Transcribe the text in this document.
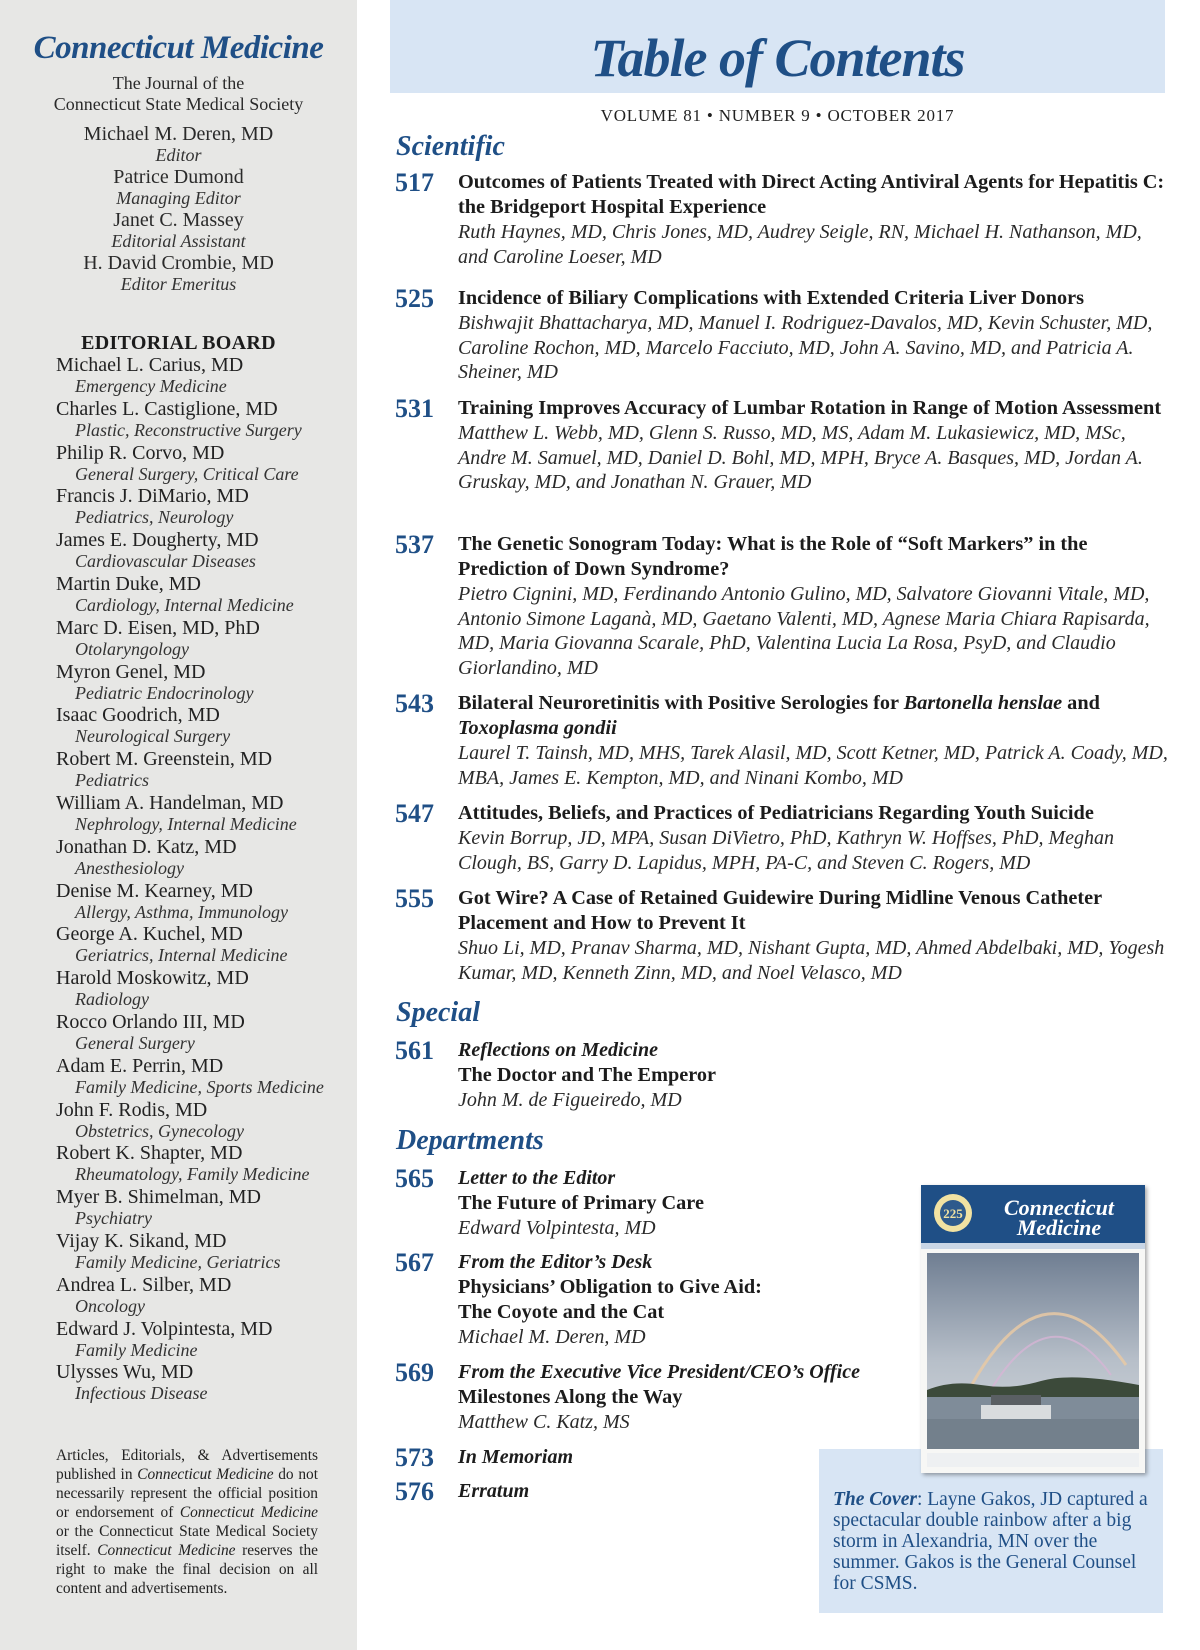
Connecticut Medicine
The Journal of the
Connecticut State Medical Society
Michael M. Deren, MD
Editor
Patrice Dumond
Managing Editor
Janet C. Massey
Editorial Assistant
H. David Crombie, MD
Editor Emeritus
EDITORIAL BOARD
Michael L. Carius, MD
Emergency Medicine
Charles L. Castiglione, MD
Plastic, Reconstructive Surgery
Philip R. Corvo, MD
General Surgery, Critical Care
Francis J. DiMario, MD
Pediatrics, Neurology
James E. Dougherty, MD
Cardiovascular Diseases
Martin Duke, MD
Cardiology, Internal Medicine
Marc D. Eisen, MD, PhD
Otolaryngology
Myron Genel, MD
Pediatric Endocrinology
Isaac Goodrich, MD
Neurological Surgery
Robert M. Greenstein, MD
Pediatrics
William A. Handelman, MD
Nephrology, Internal Medicine
Jonathan D. Katz, MD
Anesthesiology
Denise M. Kearney, MD
Allergy, Asthma, Immunology
George A. Kuchel, MD
Geriatrics, Internal Medicine
Harold Moskowitz, MD
Radiology
Rocco Orlando III, MD
General Surgery
Adam E. Perrin, MD
Family Medicine, Sports Medicine
John F. Rodis, MD
Obstetrics, Gynecology
Robert K. Shapter, MD
Rheumatology, Family Medicine
Myer B. Shimelman, MD
Psychiatry
Vijay K. Sikand, MD
Family Medicine, Geriatrics
Andrea L. Silber, MD
Oncology
Edward J. Volpintesta, MD
Family Medicine
Ulysses Wu, MD
Infectious Disease
Articles, Editorials, & Advertisements published in Connecticut Medicine do not necessarily represent the official position or endorsement of Connecticut Medicine or the Connecticut State Medical Society itself. Connecticut Medicine reserves the right to make the final decision on all content and advertisements.
Table of Contents
VOLUME 81 • NUMBER 9 • OCTOBER 2017
Scientific
517	Outcomes of Patients Treated with Direct Acting Antiviral Agents for Hepatitis C: the Bridgeport Hospital Experience
Ruth Haynes, MD, Chris Jones, MD, Audrey Seigle, RN, Michael H. Nathanson, MD, and Caroline Loeser, MD
525	Incidence of Biliary Complications with Extended Criteria Liver Donors
Bishwajit Bhattacharya, MD, Manuel I. Rodriguez-Davalos, MD, Kevin Schuster, MD, Caroline Rochon, MD, Marcelo Facciuto, MD, John A. Savino, MD, and Patricia A. Sheiner, MD
531	Training Improves Accuracy of Lumbar Rotation in Range of Motion Assessment
Matthew L. Webb, MD, Glenn S. Russo, MD, MS, Adam M. Lukasiewicz, MD, MSc, Andre M. Samuel, MD, Daniel D. Bohl, MD, MPH, Bryce A. Basques, MD, Jordan A. Gruskay, MD, and Jonathan N. Grauer, MD
537	The Genetic Sonogram Today: What is the Role of “Soft Markers” in the Prediction of Down Syndrome?
Pietro Cignini, MD, Ferdinando Antonio Gulino, MD, Salvatore Giovanni Vitale, MD, Antonio Simone Laganà, MD, Gaetano Valenti, MD, Agnese Maria Chiara Rapisarda, MD, Maria Giovanna Scarale, PhD, Valentina Lucia La Rosa, PsyD, and Claudio Giorlandino, MD
543	Bilateral Neuroretinitis with Positive Serologies for Bartonella henslae and Toxoplasma gondii
Laurel T. Tainsh, MD, MHS, Tarek Alasil, MD, Scott Ketner, MD, Patrick A. Coady, MD, MBA, James E. Kempton, MD, and Ninani Kombo, MD
547	Attitudes, Beliefs, and Practices of Pediatricians Regarding Youth Suicide
Kevin Borrup, JD, MPA, Susan DiVietro, PhD, Kathryn W. Hoffses, PhD, Meghan Clough, BS, Garry D. Lapidus, MPH, PA-C, and Steven C. Rogers, MD
555	Got Wire? A Case of Retained Guidewire During Midline Venous Catheter Placement and How to Prevent It
Shuo Li, MD, Pranav Sharma, MD, Nishant Gupta, MD, Ahmed Abdelbaki, MD, Yogesh Kumar, MD, Kenneth Zinn, MD, and Noel Velasco, MD
Special
561	Reflections on Medicine
The Doctor and The Emperor
John M. de Figueiredo, MD
Departments
565	Letter to the Editor
The Future of Primary Care
Edward Volpintesta, MD
567	From the Editor’s Desk
Physicians’ Obligation to Give Aid:
The Coyote and the Cat
Michael M. Deren, MD
569	From the Executive Vice President/CEO’s Office
Milestones Along the Way
Matthew C. Katz, MS
573	In Memoriam
576	Erratum
225 Connecticut
Medicine
The Cover: Layne Gakos, JD captured a spectacular double rainbow after a big storm in Alexandria, MN over the summer. Gakos is the General Counsel for CSMS.
